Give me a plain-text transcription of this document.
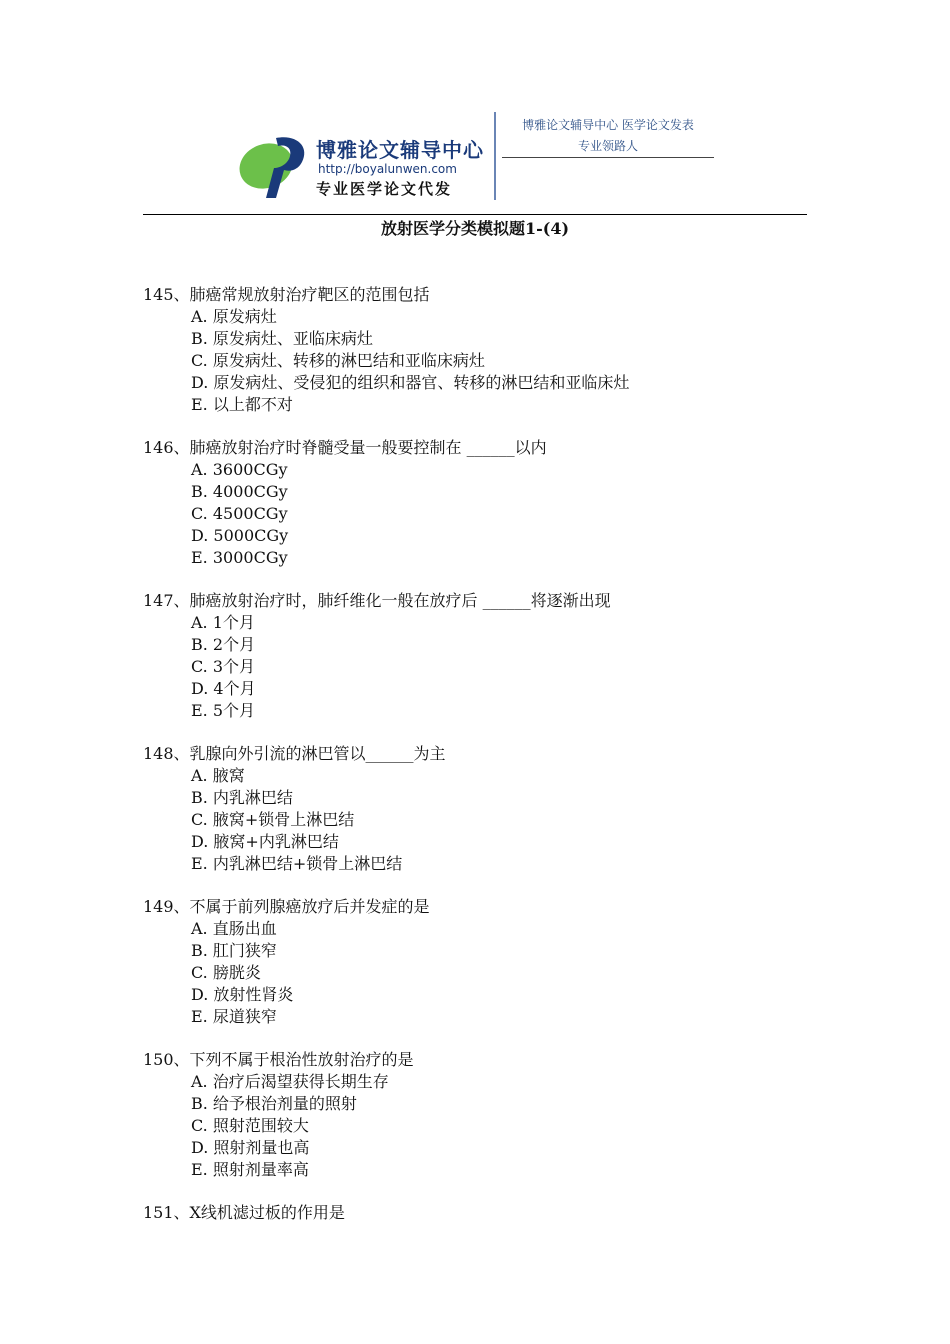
博雅论文辅导中心
http://boyalunwen.com
专业医学论文代发
博雅论文辅导中心 医学论文发表
专业领路人
放射医学分类模拟题1-(4)
145、肺癌常规放射治疗靶区的范围包括
A. 原发病灶
B. 原发病灶、亚临床病灶
C. 原发病灶、转移的淋巴结和亚临床病灶
D. 原发病灶、受侵犯的组织和器官、转移的淋巴结和亚临床灶
E. 以上都不对
146、肺癌放射治疗时脊髓受量一般要控制在 ______以内
A. 3600CGy
B. 4000CGy
C. 4500CGy
D. 5000CGy
E. 3000CGy
147、肺癌放射治疗时，肺纤维化一般在放疗后 ______将逐渐出现
A. 1个月
B. 2个月
C. 3个月
D. 4个月
E. 5个月
148、乳腺向外引流的淋巴管以______为主
A. 腋窝
B. 内乳淋巴结
C. 腋窝+锁骨上淋巴结
D. 腋窝+内乳淋巴结
E. 内乳淋巴结+锁骨上淋巴结
149、不属于前列腺癌放疗后并发症的是
A. 直肠出血
B. 肛门狭窄
C. 膀胱炎
D. 放射性肾炎
E. 尿道狭窄
150、下列不属于根治性放射治疗的是
A. 治疗后渴望获得长期生存
B. 给予根治剂量的照射
C. 照射范围较大
D. 照射剂量也高
E. 照射剂量率高
151、X线机滤过板的作用是
